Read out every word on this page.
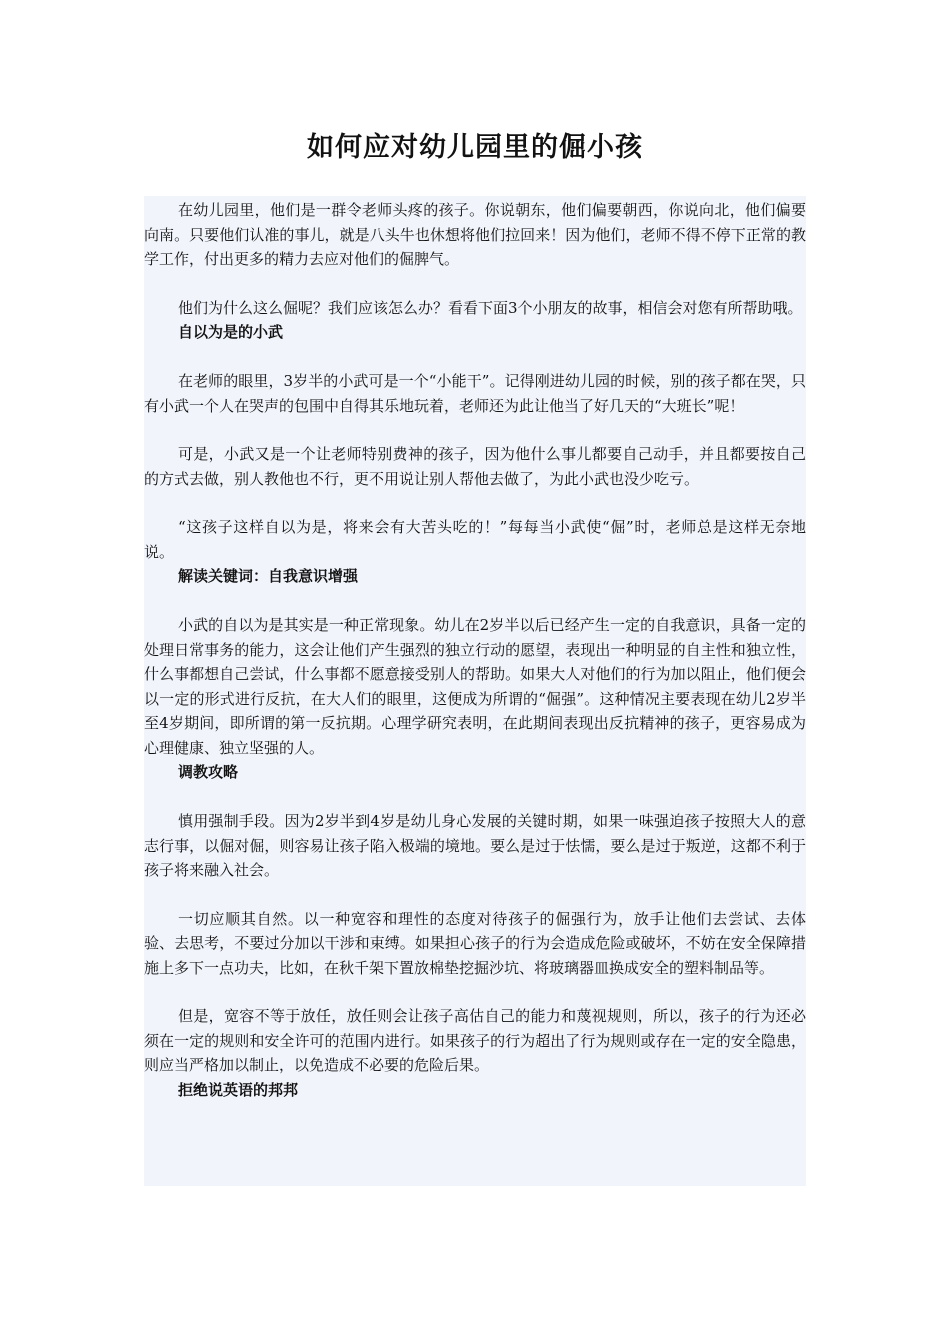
如何应对幼儿园里的倔小孩

在幼儿园里，他们是一群令老师头疼的孩子。你说朝东，他们偏要朝西，你说向北，他们偏要向南。只要他们认准的事儿，就是八头牛也休想将他们拉回来！因为他们，老师不得不停下正常的教学工作，付出更多的精力去应对他们的倔脾气。

他们为什么这么倔呢？我们应该怎么办？看看下面3个小朋友的故事，相信会对您有所帮助哦。

自以为是的小武

在老师的眼里，3岁半的小武可是一个“小能干”。记得刚进幼儿园的时候，别的孩子都在哭，只有小武一个人在哭声的包围中自得其乐地玩着，老师还为此让他当了好几天的“大班长”呢！

可是，小武又是一个让老师特别费神的孩子，因为他什么事儿都要自己动手，并且都要按自己的方式去做，别人教他也不行，更不用说让别人帮他去做了，为此小武也没少吃亏。

“这孩子这样自以为是，将来会有大苦头吃的！”每每当小武使“倔”时，老师总是这样无奈地说。

解读关键词：自我意识增强

小武的自以为是其实是一种正常现象。幼儿在2岁半以后已经产生一定的自我意识，具备一定的处理日常事务的能力，这会让他们产生强烈的独立行动的愿望，表现出一种明显的自主性和独立性，什么事都想自己尝试，什么事都不愿意接受别人的帮助。如果大人对他们的行为加以阻止，他们便会以一定的形式进行反抗，在大人们的眼里，这便成为所谓的“倔强”。这种情况主要表现在幼儿2岁半至4岁期间，即所谓的第一反抗期。心理学研究表明，在此期间表现出反抗精神的孩子，更容易成为心理健康、独立坚强的人。

调教攻略

慎用强制手段。因为2岁半到4岁是幼儿身心发展的关键时期，如果一味强迫孩子按照大人的意志行事，以倔对倔，则容易让孩子陷入极端的境地。要么是过于怯懦，要么是过于叛逆，这都不利于孩子将来融入社会。

一切应顺其自然。以一种宽容和理性的态度对待孩子的倔强行为，放手让他们去尝试、去体验、去思考，不要过分加以干涉和束缚。如果担心孩子的行为会造成危险或破坏，不妨在安全保障措施上多下一点功夫，比如，在秋千架下置放棉垫挖掘沙坑、将玻璃器皿换成安全的塑料制品等。

但是，宽容不等于放任，放任则会让孩子高估自己的能力和蔑视规则，所以，孩子的行为还必须在一定的规则和安全许可的范围内进行。如果孩子的行为超出了行为规则或存在一定的安全隐患，则应当严格加以制止，以免造成不必要的危险后果。

拒绝说英语的邦邦
